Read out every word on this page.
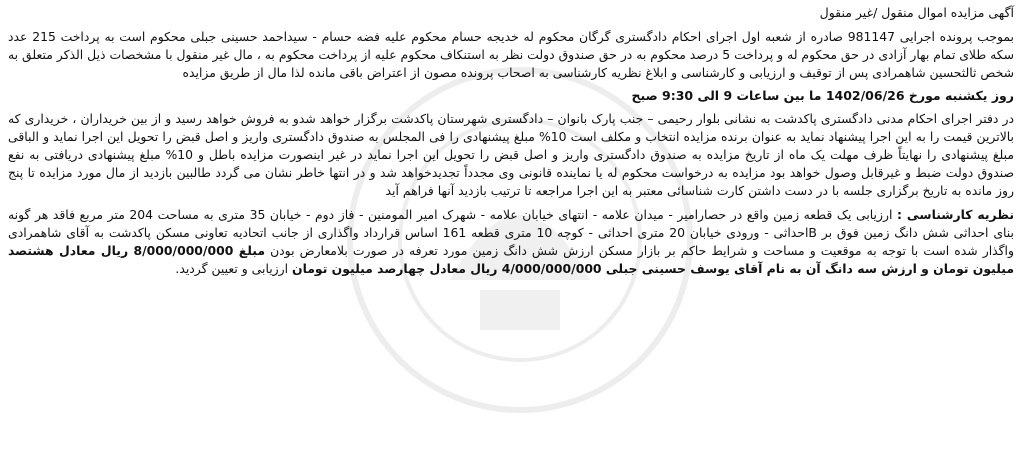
آگهی مزایده اموال منقول /غیر منقول

بموجب پرونده اجرایی 981147 صادره از شعبه اول اجرای احکام دادگستری گرگان محکوم له خدیجه حسام محکوم علیه فضه حسام - سیداحمد حسینی جبلی محکوم است به پرداخت 215 عدد سکه طلای تمام بهار آزادی در حق محکوم له و پرداخت 5 درصد محکوم به در حق صندوق دولت نظر به استنکاف محکوم علیه از پرداخت محکوم به ، مال غیر منقول با مشخصات ذیل الذکر متعلق به شخص ثالثحسین شاهمرادی پس از توقیف و ارزیابی و کارشناسی و ابلاغ نظریه کارشناسی به اصحاب پرونده مصون از اعتراض باقی مانده لذا مال از طریق مزایده

روز یکشنبه مورخ 1402/06/26 ما بین ساعات 9 الی 9:30 صبح

در دفتر اجرای احکام مدنی دادگستری پاکدشت به نشانی بلوار رحیمی – جنب پارک بانوان – دادگستری شهرستان پاکدشت برگزار خواهد شدو به فروش خواهد رسید و از بین خریداران ، خریداری که بالاترین قیمت را به این اجرا پیشنهاد نماید به عنوان برنده مزایده انتخاب و مکلف است 10% مبلغ پیشنهادی را فی المجلس به صندوق دادگستری واریز و اصل قبض را تحویل این اجرا نماید و الباقی مبلغ پیشنهادی را نهایتاً ظرف مهلت یک ماه از تاریخ مزایده به صندوق دادگستری واریز و اصل قبض را تحویل این اجرا نماید در غیر اینصورت مزایده باطل و 10% مبلغ پیشنهادی دریافتی به نفع صندوق دولت ضبط و غیرقابل وصول خواهد بود مزایده به درخواست محکوم له یا نماینده قانونی وی مجدداً تجدیدخواهد شد و در انتها خاطر نشان می گردد طالبین بازدید از مال مورد مزایده تا پنج روز مانده به تاریخ برگزاری جلسه با در دست داشتن کارت شناسائی معتبر به این اجرا مراجعه تا ترتیب بازدید آنها فراهم آید

نظریه کارشناسی : ارزیابی یک قطعه زمین واقع در حصارامیر - میدان علامه - انتهای خیابان علامه - شهرک امیر المومنین - فاز دوم - خیابان 35 متری به مساحت 204 متر مربع فاقد هر گونه بنای احداثی شش دانگ زمین فوق بر Bاحداثی - ورودی خیابان 20 متری احداثی - کوچه 10 متری قطعه 161 اساس قرارداد واگذاری از جانب اتحادیه تعاونی مسکن پاکدشت به آقای شاهمرادی واگذار شده است با توجه به موقعیت و مساحت و شرایط حاکم بر بازار مسکن ارزش شش دانگ زمین مورد تعرفه در صورت بلامعارض بودن مبلغ 8/000/000/000 ریال معادل هشتصد میلیون تومان و ارزش سه دانگ آن به نام آقای یوسف حسینی جبلی 4/000/000/000 ریال معادل چهارصد میلیون تومان ارزیابی و تعیین گردید.
